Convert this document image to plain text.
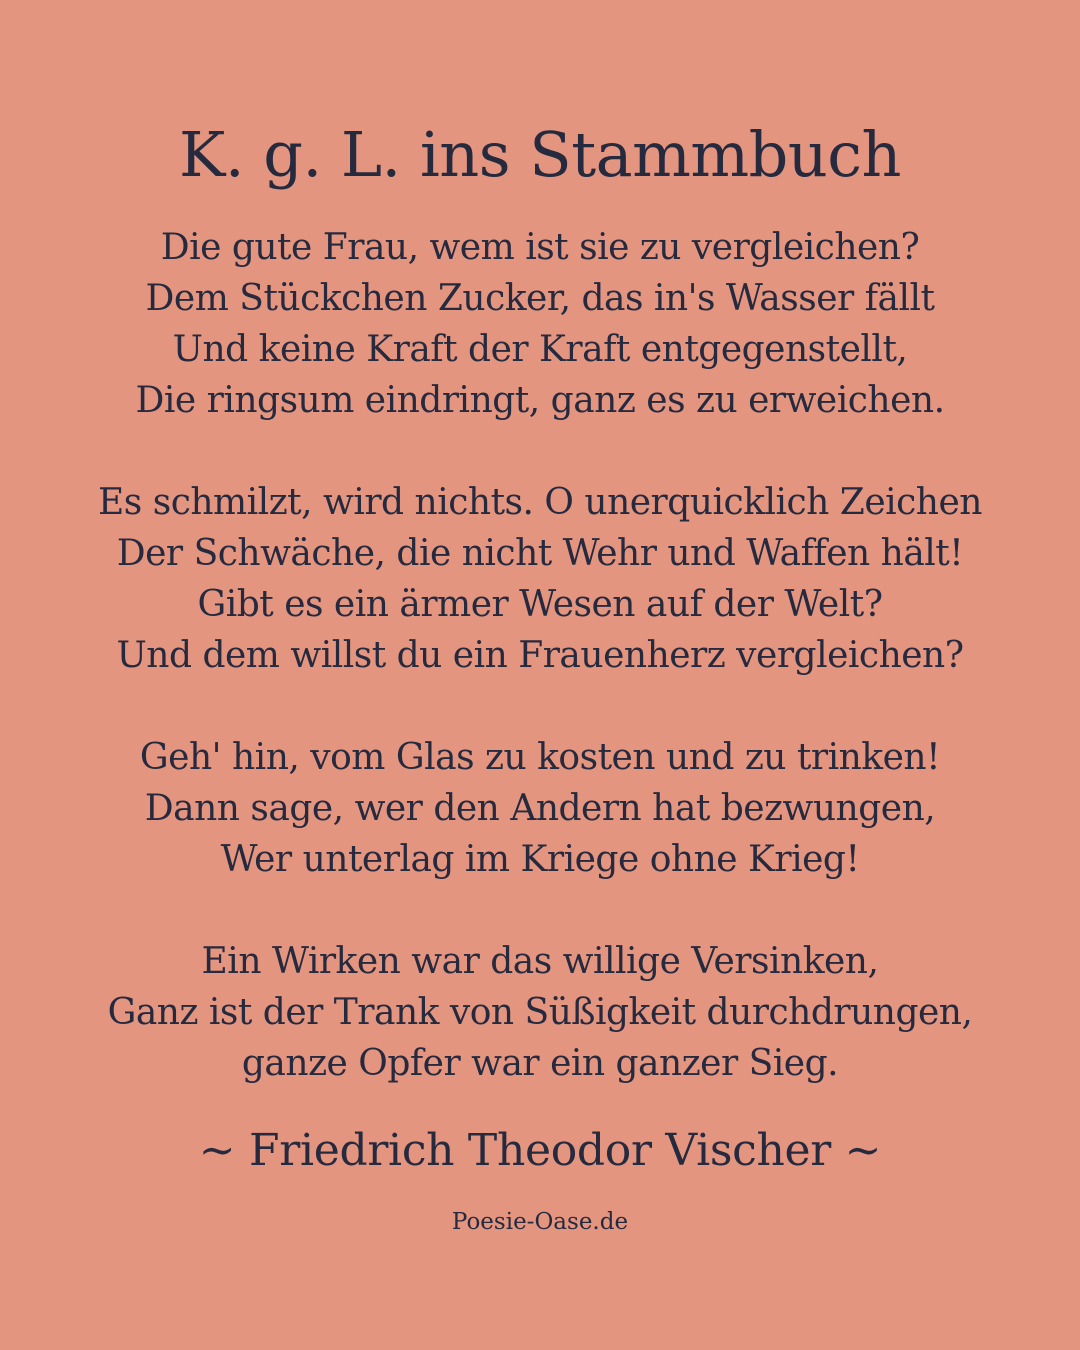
K. g. L. ins Stammbuch
Die gute Frau, wem ist sie zu vergleichen?
Dem Stückchen Zucker, das in's Wasser fällt
Und keine Kraft der Kraft entgegenstellt,
Die ringsum eindringt, ganz es zu erweichen.
Es schmilzt, wird nichts. O unerquicklich Zeichen
Der Schwäche, die nicht Wehr und Waffen hält!
Gibt es ein ärmer Wesen auf der Welt?
Und dem willst du ein Frauenherz vergleichen?
Geh' hin, vom Glas zu kosten und zu trinken!
Dann sage, wer den Andern hat bezwungen,
Wer unterlag im Kriege ohne Krieg!
Ein Wirken war das willige Versinken,
Ganz ist der Trank von Süßigkeit durchdrungen,
ganze Opfer war ein ganzer Sieg.

~ Friedrich Theodor Vischer ~

Poesie-Oase.de
